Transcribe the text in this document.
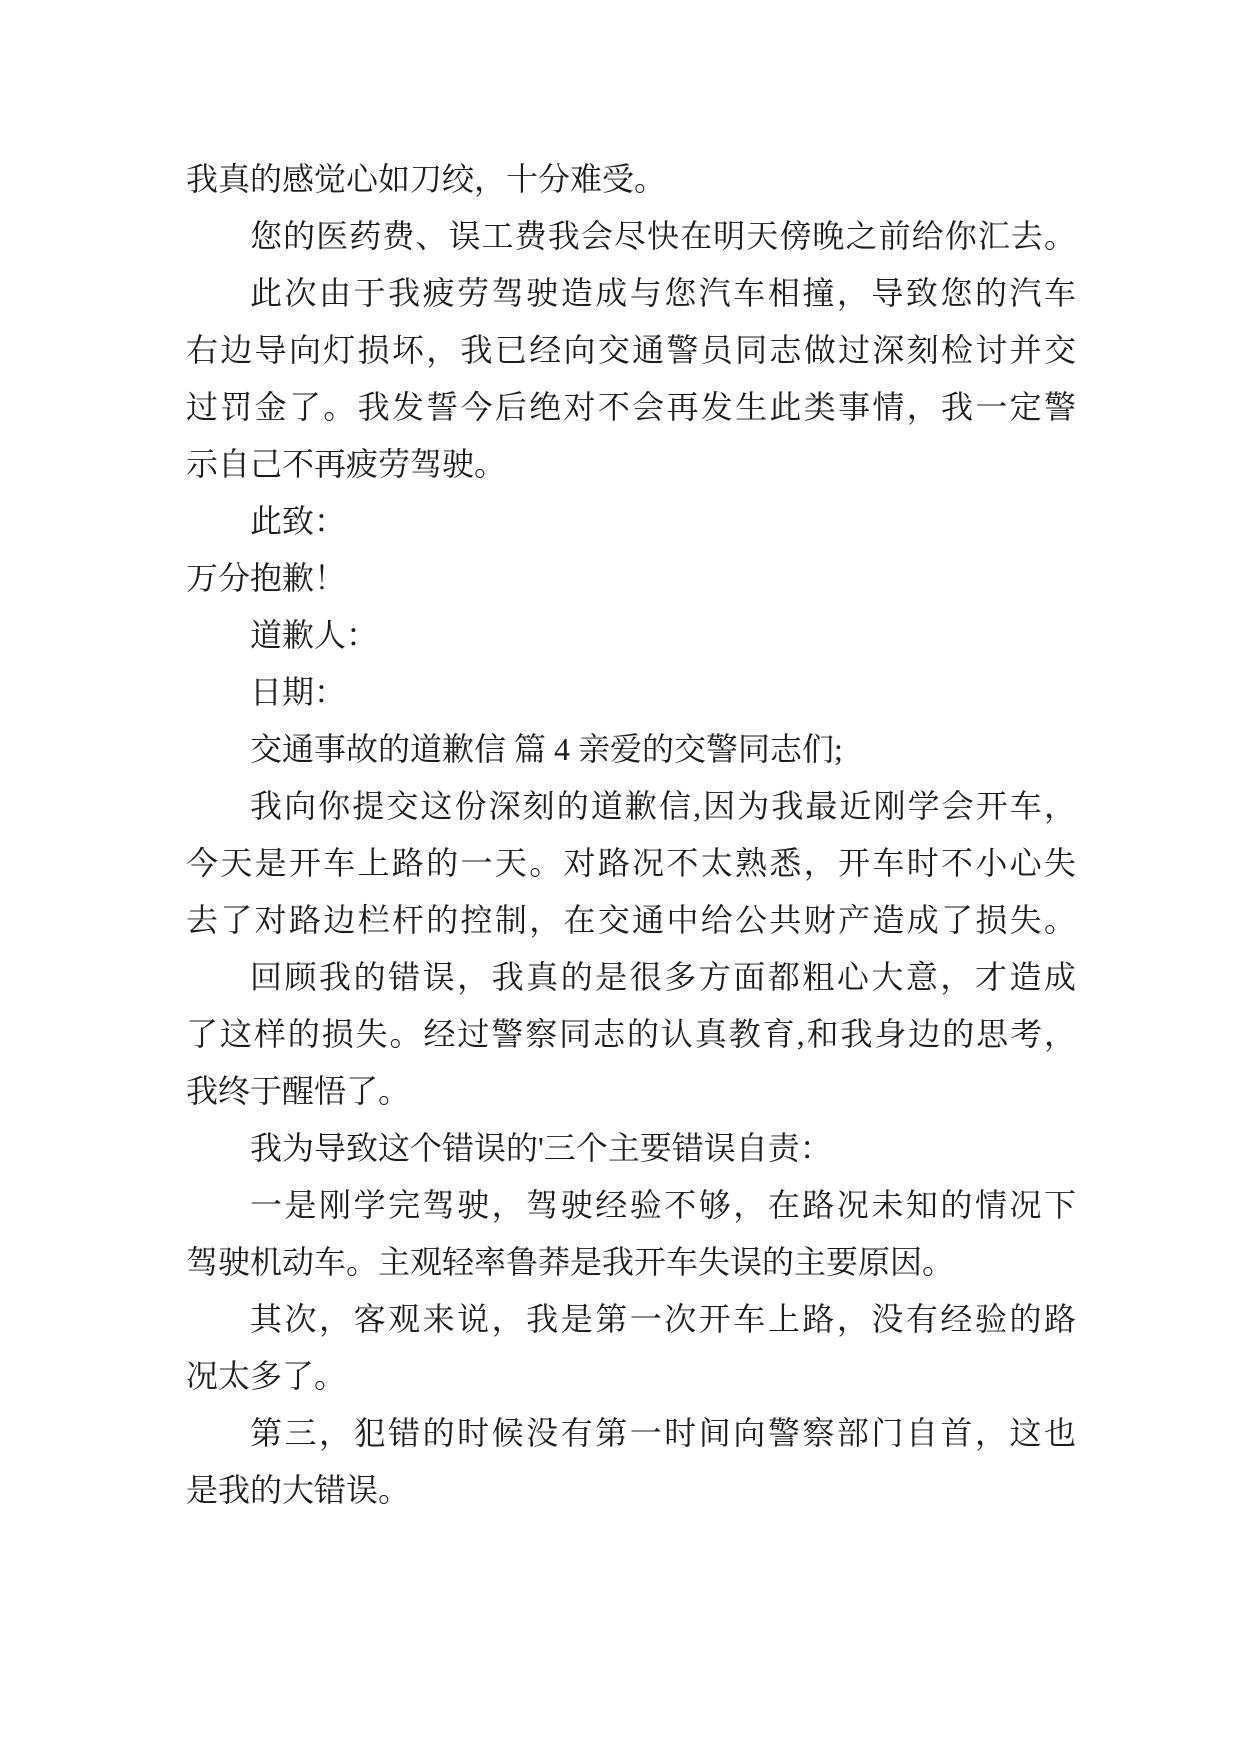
我真的感觉心如刀绞，十分难受。
您的医药费、误工费我会尽快在明天傍晚之前给你汇去。
此次由于我疲劳驾驶造成与您汽车相撞，导致您的汽车
右边导向灯损坏，我已经向交通警员同志做过深刻检讨并交
过罚金了。我发誓今后绝对不会再发生此类事情，我一定警
示自己不再疲劳驾驶。
此致：
万分抱歉！
道歉人：
日期：
交通事故的道歉信 篇 4 亲爱的交警同志们;
我向你提交这份深刻的道歉信,因为我最近刚学会开车，
今天是开车上路的一天。对路况不太熟悉，开车时不小心失
去了对路边栏杆的控制，在交通中给公共财产造成了损失。
回顾我的错误，我真的是很多方面都粗心大意，才造成
了这样的损失。经过警察同志的认真教育,和我身边的思考，
我终于醒悟了。
我为导致这个错误的'三个主要错误自责：
一是刚学完驾驶，驾驶经验不够，在路况未知的情况下
驾驶机动车。主观轻率鲁莽是我开车失误的主要原因。
其次，客观来说，我是第一次开车上路，没有经验的路
况太多了。
第三，犯错的时候没有第一时间向警察部门自首，这也
是我的大错误。
